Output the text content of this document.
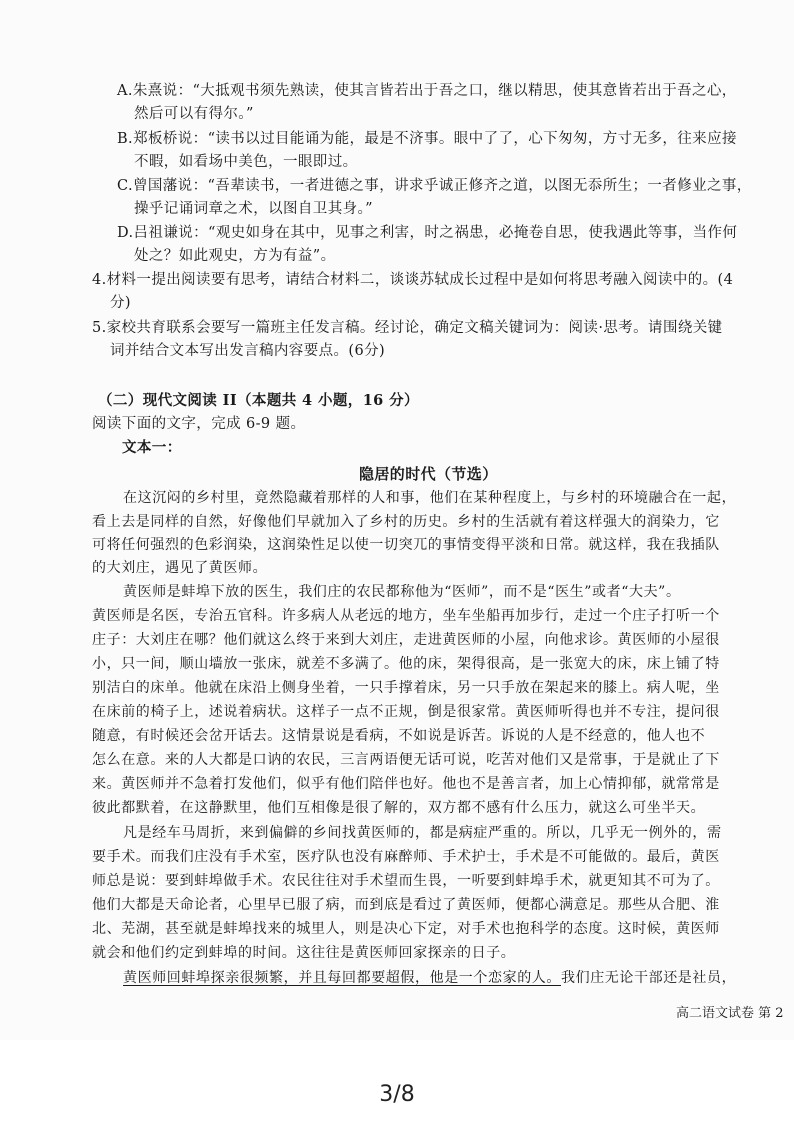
A.朱熹说：“大抵观书须先熟读，使其言皆若出于吾之口，继以精思，使其意皆若出于吾之心，
然后可以有得尔。”
B.郑板桥说：“读书以过目能诵为能，最是不济事。眼中了了，心下匆匆，方寸无多，往来应接
不暇，如看场中美色，一眼即过。
C.曾国藩说：“吾辈读书，一者进德之事，讲求乎诚正修齐之道，以图无忝所生；一者修业之事，
操乎记诵词章之术，以图自卫其身。”
D.吕祖谦说：“观史如身在其中，见事之利害，时之祸患，必掩卷自思，使我遇此等事，当作何
处之？如此观史，方为有益”。
4.材料一提出阅读要有思考，请结合材料二，谈谈苏轼成长过程中是如何将思考融入阅读中的。(4
分)
5.家校共育联系会要写一篇班主任发言稿。经讨论，确定文稿关键词为：阅读·思考。请围绕关键
词并结合文本写出发言稿内容要点。(6分)
（二）现代文阅读 II（本题共 4 小题，16 分）
阅读下面的文字，完成 6-9 题。
文本一：
隐居的时代（节选）
在这沉闷的乡村里，竟然隐藏着那样的人和事，他们在某种程度上，与乡村的环境融合在一起，
看上去是同样的自然，好像他们早就加入了乡村的历史。乡村的生活就有着这样强大的润染力，它
可将任何强烈的色彩润染，这润染性足以使一切突兀的事情变得平淡和日常。就这样，我在我插队
的大刘庄，遇见了黄医师。
黄医师是蚌埠下放的医生，我们庄的农民都称他为“医师”，而不是“医生”或者“大夫”。
黄医师是名医，专治五官科。许多病人从老远的地方，坐车坐船再加步行，走过一个庄子打听一个
庄子：大刘庄在哪？他们就这么终于来到大刘庄，走进黄医师的小屋，向他求诊。黄医师的小屋很
小，只一间，顺山墙放一张床，就差不多满了。他的床，架得很高，是一张宽大的床，床上铺了特
别洁白的床单。他就在床沿上侧身坐着，一只手撑着床，另一只手放在架起来的膝上。病人呢，坐
在床前的椅子上，述说着病状。这样子一点不正规，倒是很家常。黄医师听得也并不专注，提问很
随意，有时候还会岔开话去。这情景说是看病，不如说是诉苦。诉说的人是不经意的，他人也不
怎么在意。来的人大都是口讷的农民，三言两语便无话可说，吃苦对他们又是常事，于是就止了下
来。黄医师并不急着打发他们，似乎有他们陪伴也好。他也不是善言者，加上心情抑郁，就常常是
彼此都默着，在这静默里，他们互相像是很了解的，双方都不感有什么压力，就这么可坐半天。
凡是经车马周折，来到偏僻的乡间找黄医师的，都是病症严重的。所以，几乎无一例外的，需
要手术。而我们庄没有手术室，医疗队也没有麻醉师、手术护士，手术是不可能做的。最后，黄医
师总是说：要到蚌埠做手术。农民往往对手术望而生畏，一听要到蚌埠手术，就更知其不可为了。
他们大都是天命论者，心里早已服了病，而到底是看过了黄医师，便都心满意足。那些从合肥、淮
北、芜湖，甚至就是蚌埠找来的城里人，则是决心下定，对手术也抱科学的态度。这时候，黄医师
就会和他们约定到蚌埠的时间。这往往是黄医师回家探亲的日子。
黄医师回蚌埠探亲很频繁，并且每回都要超假，他是一个恋家的人。我们庄无论干部还是社员，
高二语文试卷 第 2
3/8
